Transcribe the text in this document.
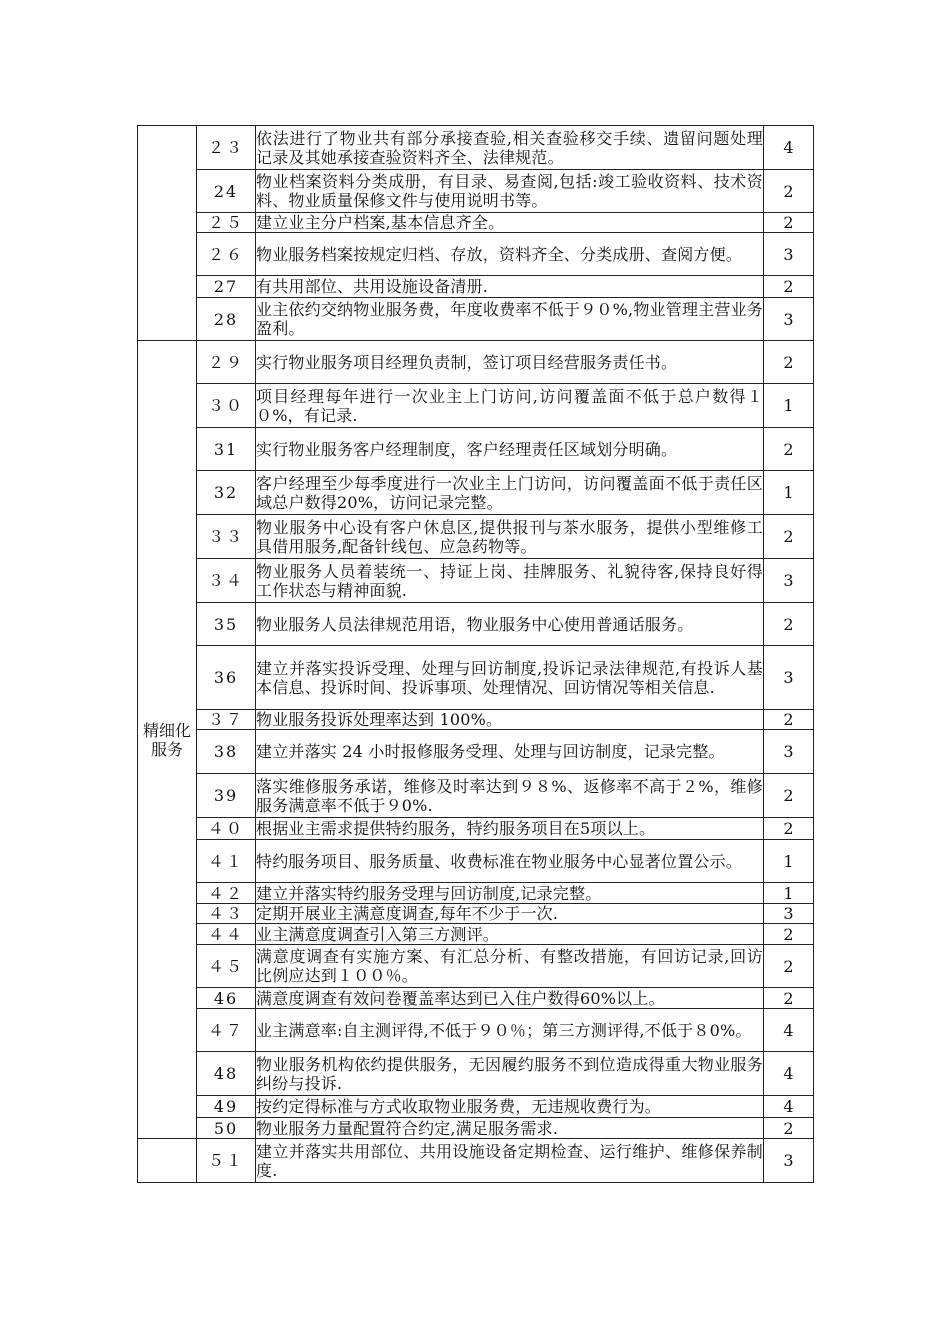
	２３	依法进行了物业共有部分承接查验,相关查验移交手续、遗留问题处理记录及其她承接查验资料齐全、法律规范。	4
	24	物业档案资料分类成册，有目录、易查阅,包括:竣工验收资料、技术资料、物业质量保修文件与使用说明书等。	2
	２５	建立业主分户档案,基本信息齐全。	2
	２６	物业服务档案按规定归档、存放，资料齐全、分类成册、查阅方便。	3
	27	有共用部位、共用设施设备清册.	2
	28	业主依约交纳物业服务费，年度收费率不低于９０%,物业管理主营业务盈利。	3
精细化服务	２９	实行物业服务项目经理负责制，签订项目经营服务责任书。	2
	３０	项目经理每年进行一次业主上门访问,访问覆盖面不低于总户数得１０%，有记录.	1
	31	实行物业服务客户经理制度，客户经理责任区域划分明确。	2
	32	客户经理至少每季度进行一次业主上门访问，访问覆盖面不低于责任区域总户数得20%，访问记录完整。	1
	３３	物业服务中心设有客户休息区,提供报刊与茶水服务，提供小型维修工具借用服务,配备针线包、应急药物等。	2
	３４	物业服务人员着装统一、持证上岗、挂牌服务、礼貌待客,保持良好得工作状态与精神面貌.	3
	35	物业服务人员法律规范用语，物业服务中心使用普通话服务。	2
	36	建立并落实投诉受理、处理与回访制度,投诉记录法律规范,有投诉人基本信息、投诉时间、投诉事项、处理情况、回访情况等相关信息.	3
	３７	物业服务投诉处理率达到 100%。	2
	38	建立并落实 24 小时报修服务受理、处理与回访制度，记录完整。	3
	39	落实维修服务承诺，维修及时率达到９８%、返修率不高于２%，维修服务满意率不低于９0%.	2
	４０	根据业主需求提供特约服务，特约服务项目在5项以上。	2
	４１	特约服务项目、服务质量、收费标准在物业服务中心显著位置公示。	1
	４２	建立并落实特约服务受理与回访制度,记录完整。	1
	４３	定期开展业主满意度调查,每年不少于一次.	3
	４４	业主满意度调查引入第三方测评。	2
	４５	满意度调查有实施方案、有汇总分析、有整改措施，有回访记录,回访比例应达到１００％。	2
	46	满意度调查有效问卷覆盖率达到已入住户数得60%以上。	2
	４７	业主满意率:自主测评得,不低于９０％；第三方测评得,不低于８0%。	4
	48	物业服务机构依约提供服务，无因履约服务不到位造成得重大物业服务纠纷与投诉.	4
	49	按约定得标准与方式收取物业服务费，无违规收费行为。	4
	50	物业服务力量配置符合约定,满足服务需求.	2
	５１	建立并落实共用部位、共用设施设备定期检查、运行维护、维修保养制度.	3
